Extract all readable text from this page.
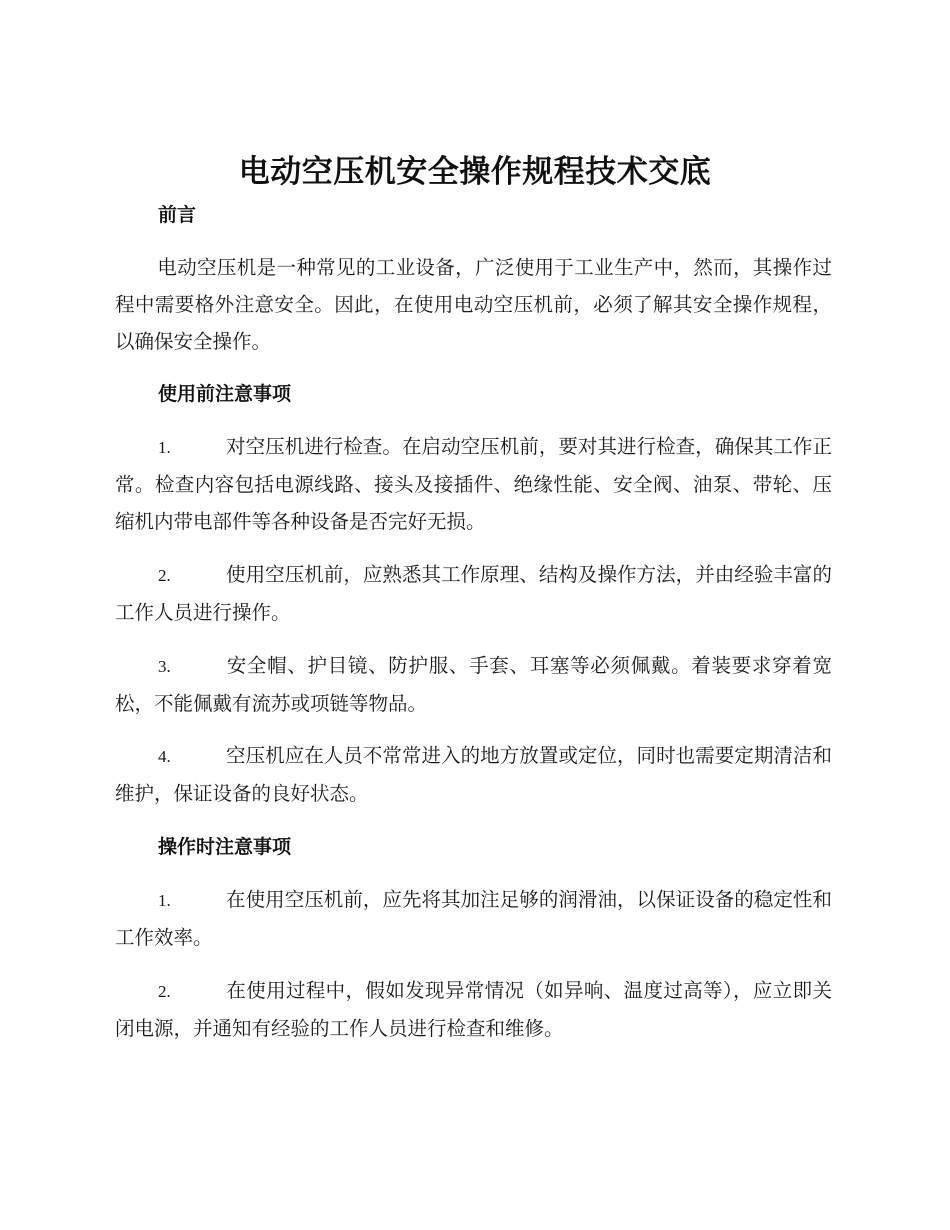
电动空压机安全操作规程技术交底
前言
电动空压机是一种常见的工业设备，广泛使用于工业生产中，然而，其操作过程中需要格外注意安全。因此，在使用电动空压机前，必须了解其安全操作规程，以确保安全操作。
使用前注意事项
1.	对空压机进行检查。在启动空压机前，要对其进行检查，确保其工作正常。检查内容包括电源线路、接头及接插件、绝缘性能、安全阀、油泵、带轮、压缩机内带电部件等各种设备是否完好无损。
2.	使用空压机前，应熟悉其工作原理、结构及操作方法，并由经验丰富的工作人员进行操作。
3.	安全帽、护目镜、防护服、手套、耳塞等必须佩戴。着装要求穿着宽松，不能佩戴有流苏或项链等物品。
4.	空压机应在人员不常常进入的地方放置或定位，同时也需要定期清洁和维护，保证设备的良好状态。
操作时注意事项
1.	在使用空压机前，应先将其加注足够的润滑油，以保证设备的稳定性和工作效率。
2.	在使用过程中，假如发现异常情况（如异响、温度过高等），应立即关闭电源，并通知有经验的工作人员进行检查和维修。
